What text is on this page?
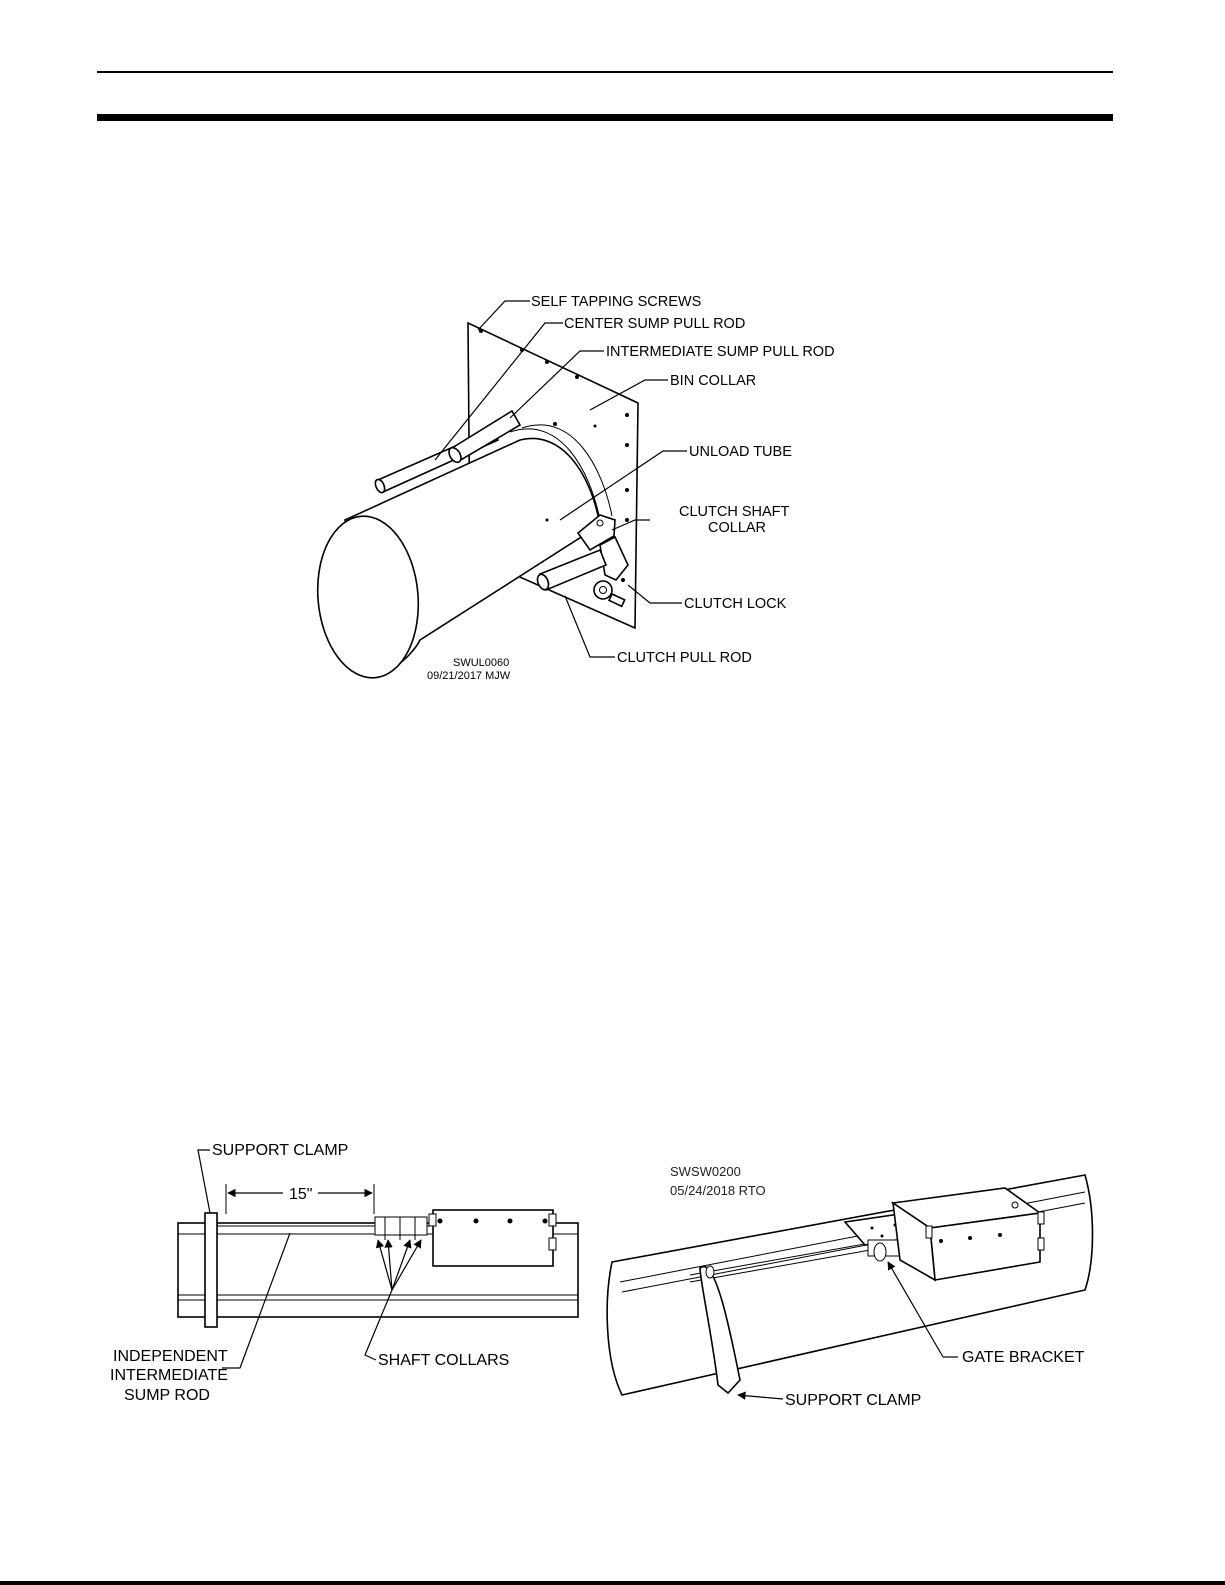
SELF TAPPING SCREWS
CENTER SUMP PULL ROD
INTERMEDIATE SUMP PULL ROD
BIN COLLAR
UNLOAD TUBE
CLUTCH SHAFT
COLLAR
CLUTCH LOCK
CLUTCH PULL ROD
SWUL0060
09/21/2017 MJW
15"
SUPPORT CLAMP
INDEPENDENT
INTERMEDIATE
SUMP ROD
SHAFT COLLARS
SWSW0200
05/24/2018 RTO
GATE BRACKET
SUPPORT CLAMP
